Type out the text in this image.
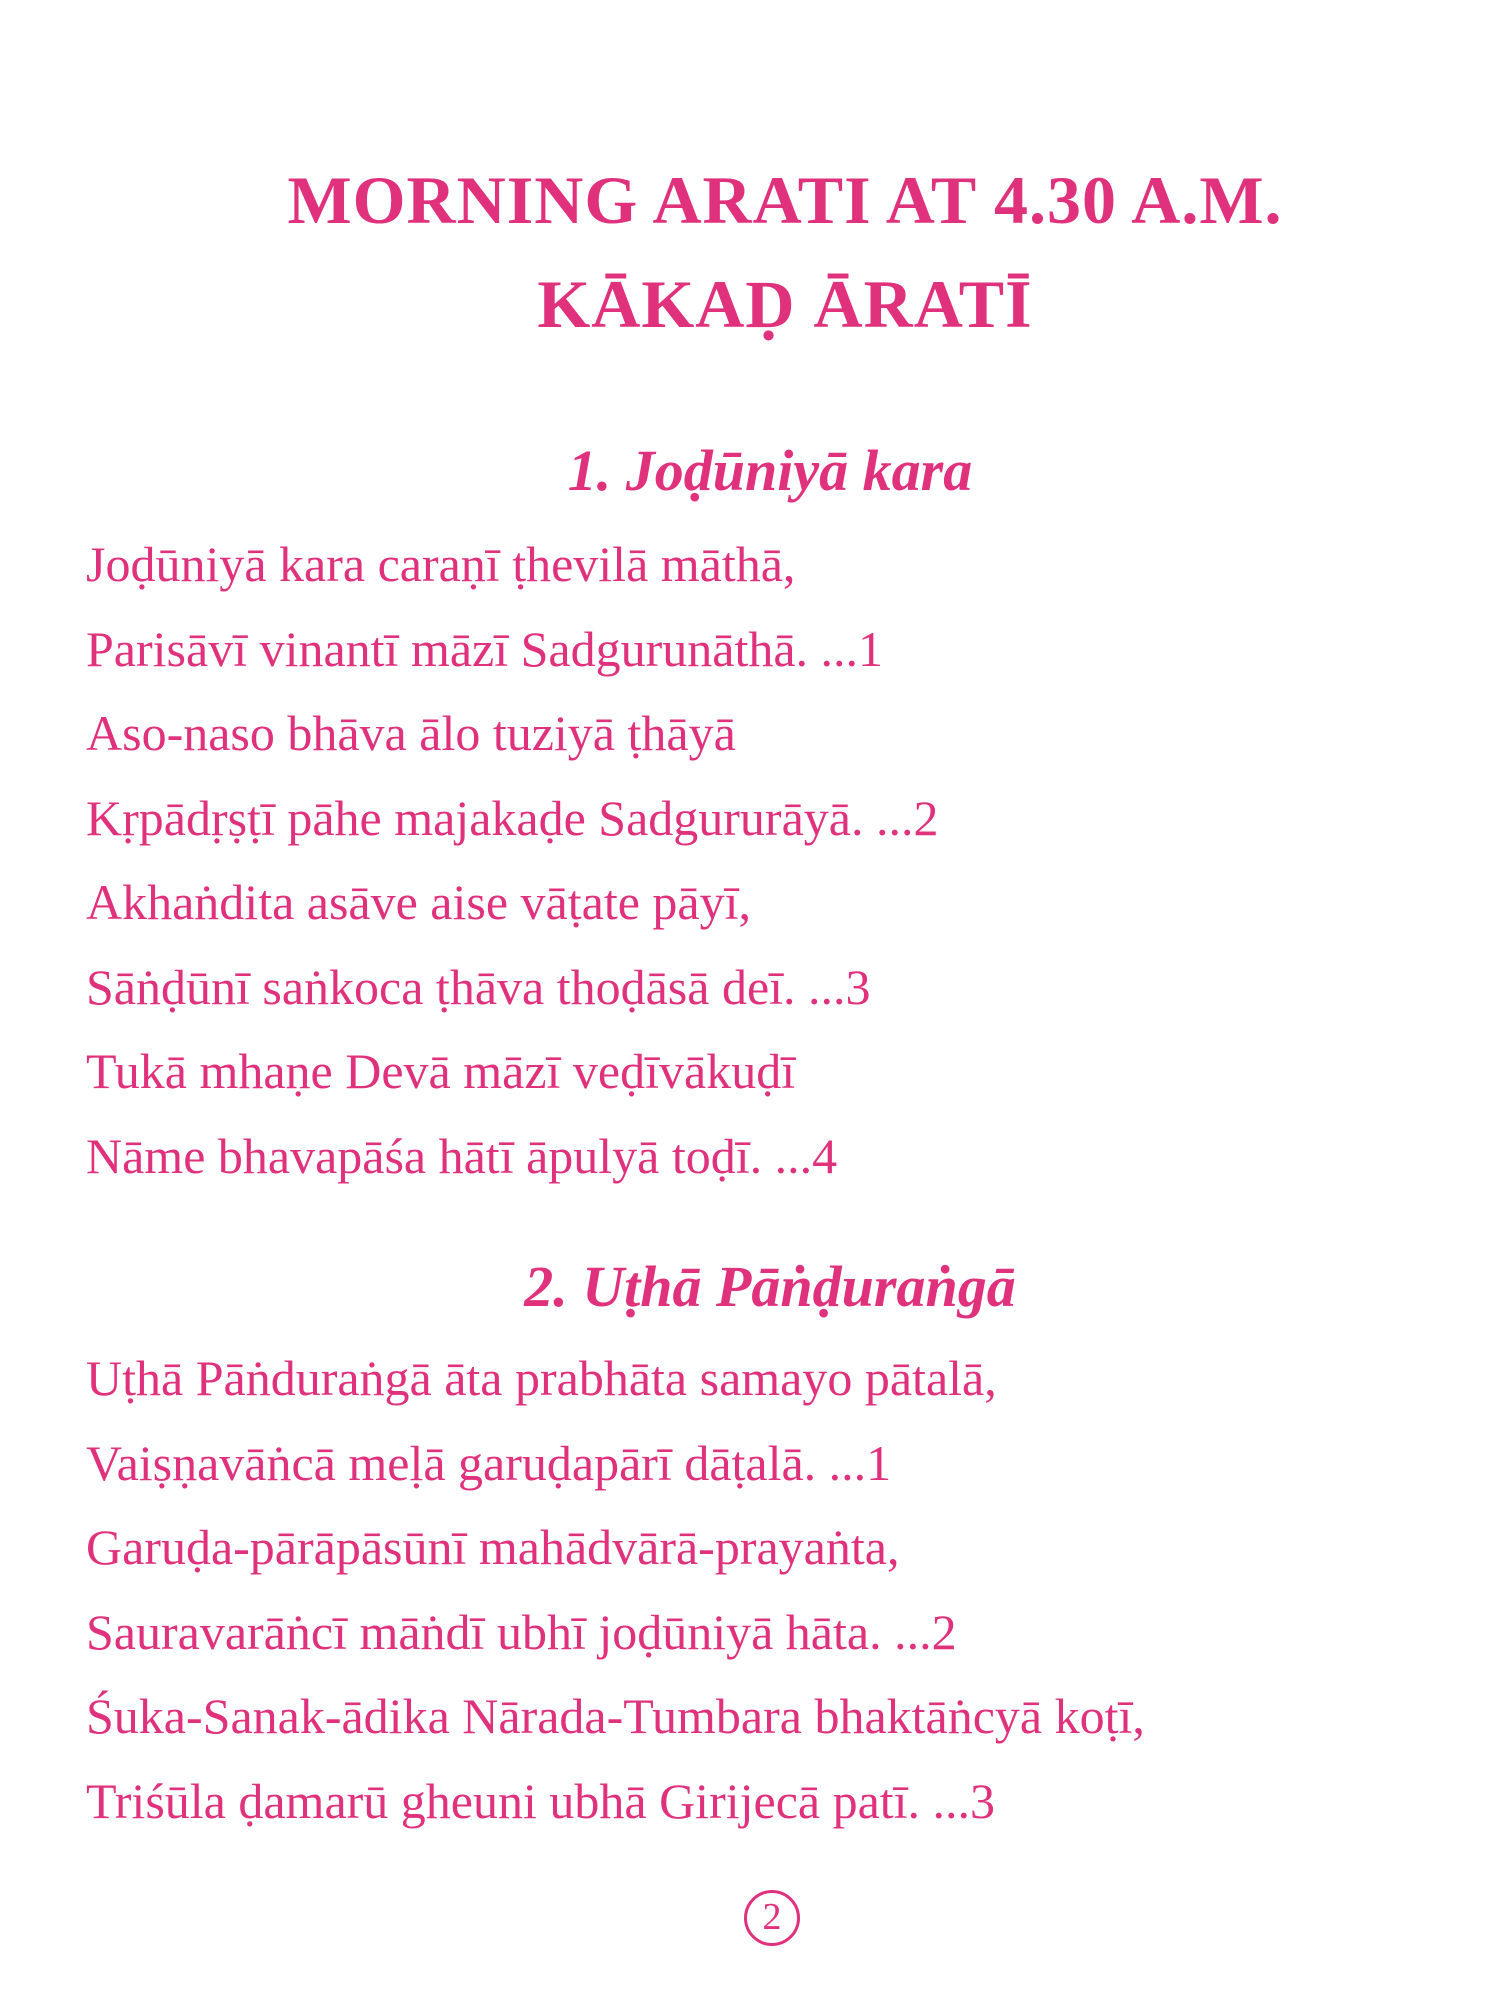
MORNING ARATI AT 4.30 A.M.
KĀKAḌ ĀRATĪ
1. Joḍūniyā kara
Joḍūniyā kara caraṇī ṭhevilā māthā,
Parisāvī vinantī māzī Sadgurunāthā. ...1
Aso-naso bhāva ālo tuziyā ṭhāyā
Kṛpādṛṣṭī pāhe majakaḍe Sadgururāyā. ...2
Akhaṅdita asāve aise vāṭate pāyī,
Sāṅḍūnī saṅkoca ṭhāva thoḍāsā deī. ...3
Tukā mhaṇe Devā māzī veḍīvākuḍī
Nāme bhavapāśa hātī āpulyā toḍī. ...4
2. Uṭhā Pāṅḍuraṅgā
Uṭhā Pāṅduraṅgā āta prabhāta samayo pātalā,
Vaiṣṇavāṅcā meḷā garuḍapārī dāṭalā. ...1
Garuḍa-pārāpāsūnī mahādvārā-prayaṅta,
Sauravarāṅcī māṅdī ubhī joḍūniyā hāta. ...2
Śuka-Sanak-ādika Nārada-Tumbara bhaktāṅcyā koṭī,
Triśūla ḍamarū gheuni ubhā Girijecā patī. ...3
2
